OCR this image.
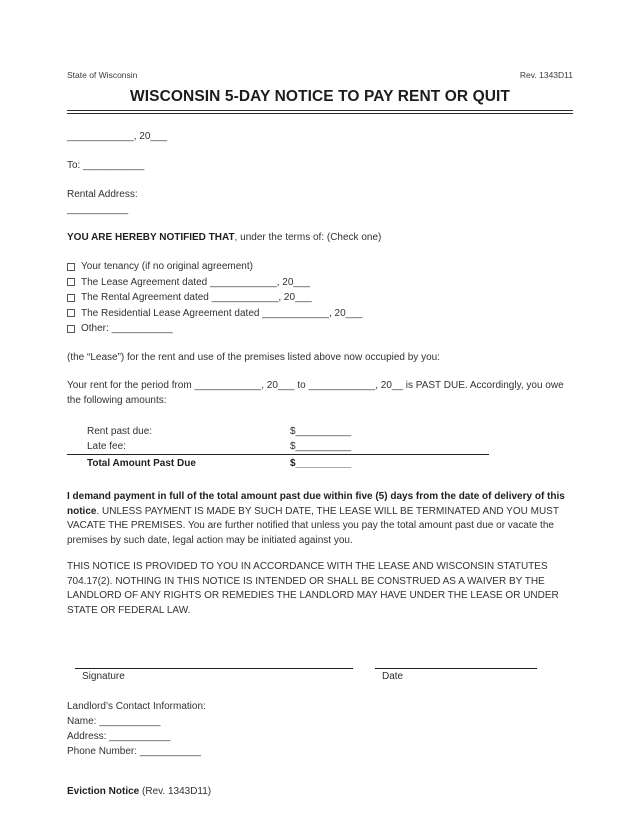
State of Wisconsin	Rev. 1343D11
WISCONSIN 5-DAY NOTICE TO PAY RENT OR QUIT
____________, 20___
To: ___________
Rental Address:
___________
YOU ARE HEREBY NOTIFIED THAT, under the terms of: (Check one)
Your tenancy (if no original agreement)
The Lease Agreement dated ____________, 20___
The Rental Agreement dated ____________, 20___
The Residential Lease Agreement dated ____________, 20___
Other: ___________
(the “Lease”) for the rent and use of the premises listed above now occupied by you:
Your rent for the period from ____________, 20___ to ____________, 20__ is PAST DUE. Accordingly, you owe the following amounts:
Rent past due:	$__________
Late fee:	$__________
Total Amount Past Due	$__________
I demand payment in full of the total amount past due within five (5) days from the date of delivery of this notice. UNLESS PAYMENT IS MADE BY SUCH DATE, THE LEASE WILL BE TERMINATED AND YOU MUST VACATE THE PREMISES. You are further notified that unless you pay the total amount past due or vacate the premises by such date, legal action may be initiated against you.
THIS NOTICE IS PROVIDED TO YOU IN ACCORDANCE WITH THE LEASE AND WISCONSIN STATUTES 704.17(2). NOTHING IN THIS NOTICE IS INTENDED OR SHALL BE CONSTRUED AS A WAIVER BY THE LANDLORD OF ANY RIGHTS OR REMEDIES THE LANDLORD MAY HAVE UNDER THE LEASE OR UNDER STATE OR FEDERAL LAW.
Signature	Date
Landlord’s Contact Information:
Name: ___________
Address: ___________
Phone Number: ___________
Eviction Notice (Rev. 1343D11)
